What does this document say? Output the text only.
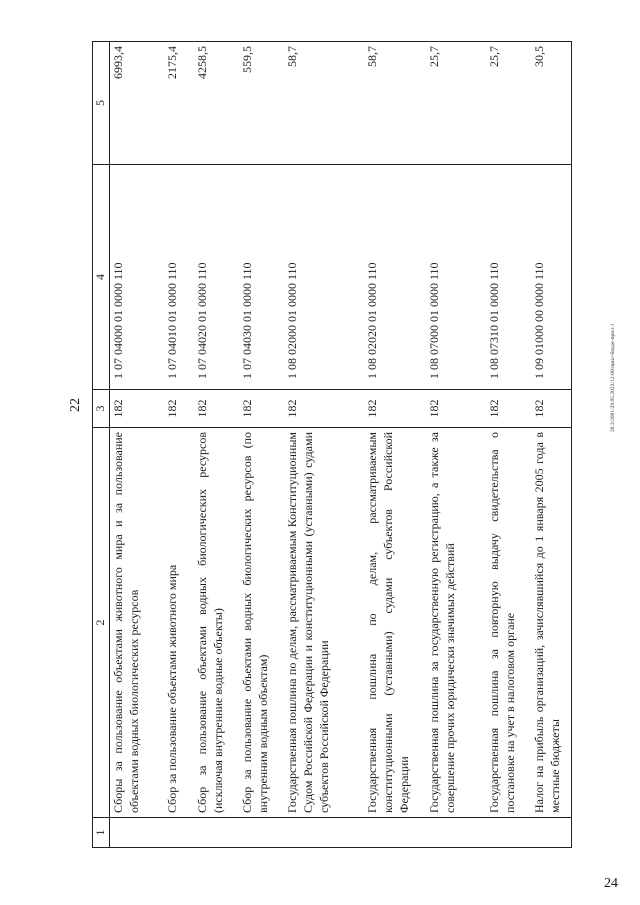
22
1	2	3	4	5
	Сборы за пользование объектами животного мира и за пользование объектами водных биологических ресурсов	182	1 07 04000 01 0000 110	6993,4
	Сбор за пользование объектами животного мира	182	1 07 04010 01 0000 110	2175,4
	Сбор за пользование объектами водных биологических ресурсов (исключая внутренние водные объекты)	182	1 07 04020 01 0000 110	4258,5
	Сбор за пользование объектами водных биологических ресурсов (по внутренним водным объектам)	182	1 07 04030 01 0000 110	559,5
	Государственная пошлина по делам, рассматриваемым Конституционным Судом Российской Федерации и конституционными (уставными) судами субъектов Российской Федерации	182	1 08 02000 01 0000 110	58,7
	Государственная пошлина по делам, рассматриваемым конституционными (уставными) судами субъектов Российской Федерации	182	1 08 02020 01 0000 110	58,7
	Государственная пошлина за государственную регистрацию, а также за совершение прочих юридически значимых действий	182	1 08 07000 01 0000 110	25,7
	Государственная пошлина за повторную выдачу свидетельства о постановке на учет в налоговом органе	182	1 08 07310 01 0000 110	25,7
	Налог на прибыль организаций, зачислявшийся до 1 января 2005 года в местные бюджеты	182	1 09 01000 00 0000 110	30,5
20.3/2001/29.05.2023/12-00/прил-бюдж-прил-1
24
